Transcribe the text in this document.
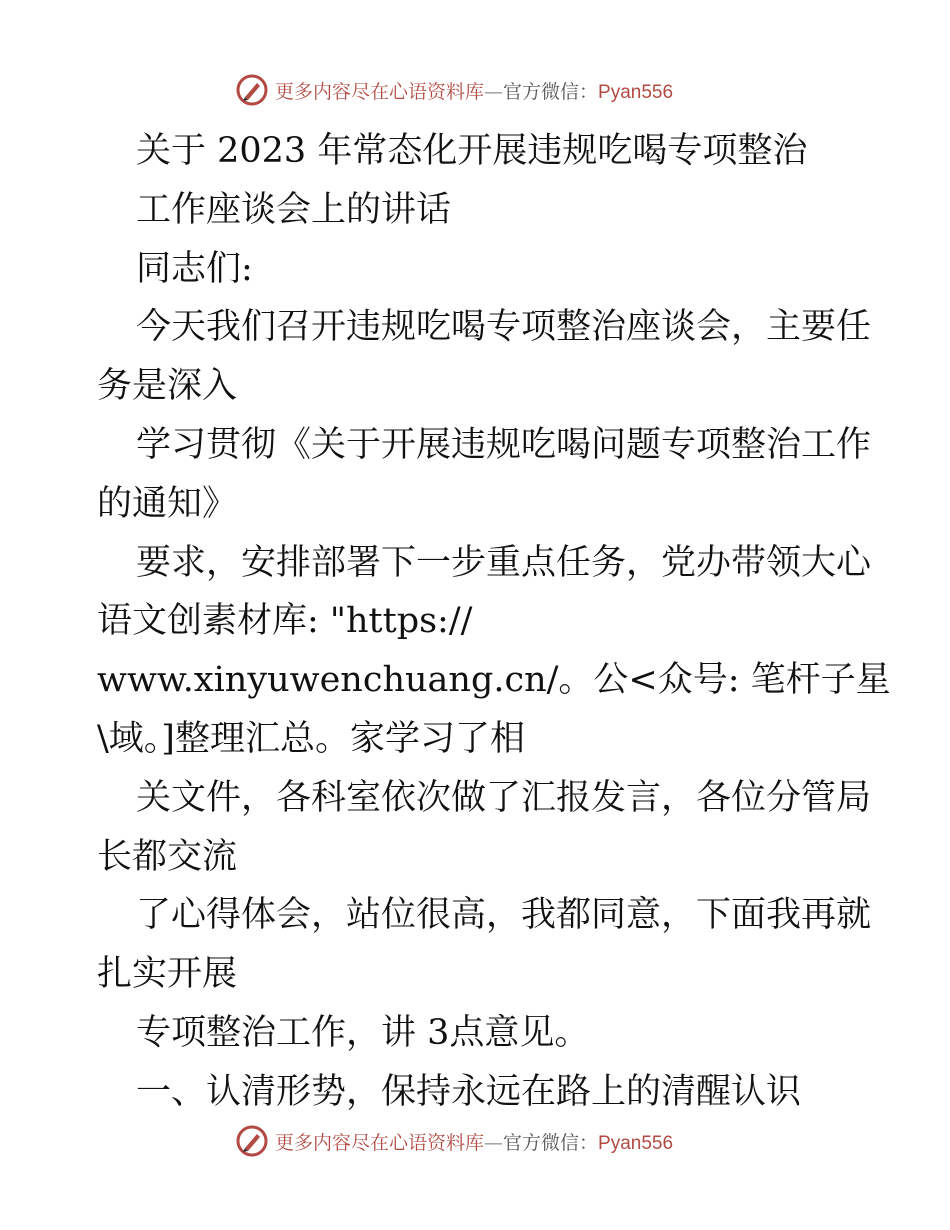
更多内容尽在心语资料库—官方微信：Pyan556
关于 2023 年常态化开展违规吃喝专项整治
工作座谈会上的讲话
同志们:
今天我们召开违规吃喝专项整治座谈会，主要任
务是深入
学习贯彻《关于开展违规吃喝问题专项整治工作
的通知》
要求，安排部署下一步重点任务，党办带领大心
语文创素材库: "https://
www.xinyuwenchuang.cn/。公<众号: 笔杆子星
\域。]整理汇总。家学习了相
关文件，各科室依次做了汇报发言，各位分管局
长都交流
了心得体会，站位很高，我都同意，下面我再就
扎实开展
专项整治工作，讲 3点意见。
一、认清形势，保持永远在路上的清醒认识
更多内容尽在心语资料库—官方微信：Pyan556
